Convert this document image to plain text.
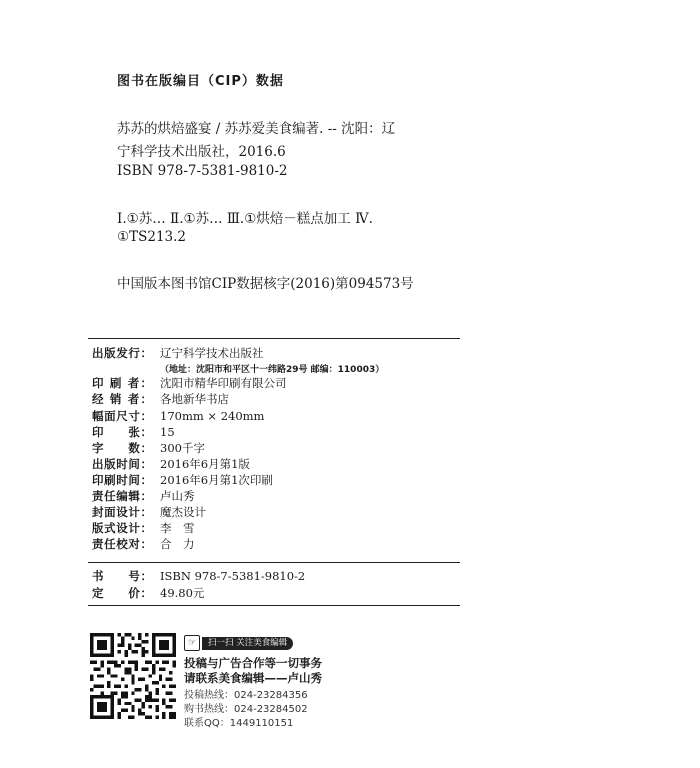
图书在版编目（CIP）数据
苏苏的烘焙盛宴 / 苏苏爱美食编著. -- 沈阳：辽
宁科学技术出版社，2016.6
ISBN 978-7-5381-9810-2
Ⅰ.①苏… Ⅱ.①苏… Ⅲ.①烘焙－糕点加工 Ⅳ.
①TS213.2
中国版本图书馆CIP数据核字(2016)第094573号
出版发行： 辽宁科学技术出版社
（地址：沈阳市和平区十一纬路29号 邮编：110003）
印 刷 者： 沈阳市精华印刷有限公司
经 销 者： 各地新华书店
幅面尺寸： 170mm × 240mm
印　　张： 15
字　　数： 300千字
出版时间： 2016年6月第1版
印刷时间： 2016年6月第1次印刷
责任编辑： 卢山秀
封面设计： 魔杰设计
版式设计： 李　雪
责任校对： 合　力
书　　号： ISBN 978-7-5381-9810-2
定　　价： 49.80元
☞	扫一扫 关注美食编辑
投稿与广告合作等一切事务
请联系美食编辑——卢山秀
投稿热线：024-23284356
购书热线：024-23284502
联系QQ：1449110151
